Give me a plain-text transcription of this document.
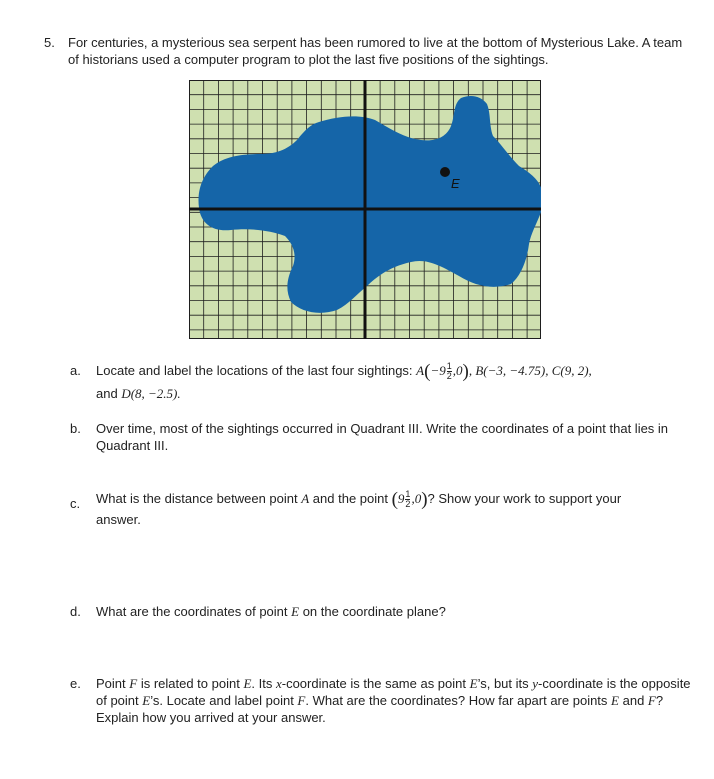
5. For centuries, a mysterious sea serpent has been rumored to live at the bottom of Mysterious Lake. A team of historians used a computer program to plot the last five positions of the sightings.
E
a. Locate and label the locations of the last four sightings: $A(-9 \frac{1}{2} ,0)$, B(−3, −4.75), C(9, 2),
and D(8, −2.5).
b. Over time, most of the sightings occurred in Quadrant III. Write the coordinates of a point that lies in Quadrant III.
c. What is the distance between point A and the point $(9 \frac{1}{2} ,0)$? Show your work to support your
answer.
d. What are the coordinates of point E on the coordinate plane?
e. Point F is related to point E. Its x-coordinate is the same as point E’s, but its y-coordinate is the opposite of point E’s. Locate and label point F. What are the coordinates? How far apart are points E and F? Explain how you arrived at your answer.
